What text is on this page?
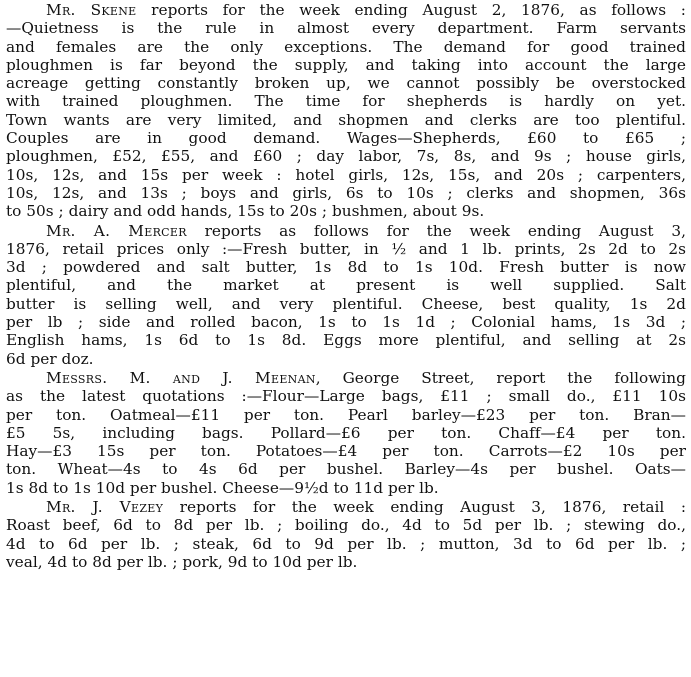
Mr. Skene reports for the week ending August 2, 1876, as follows :
—Quietness is the rule in almost every department. Farm servants
and females are the only exceptions. The demand for good trained
ploughmen is far beyond the supply, and taking into account the large
acreage getting constantly broken up, we cannot possibly be overstocked
with trained ploughmen. The time for shepherds is hardly on yet.
Town wants are very limited, and shopmen and clerks are too plentiful.
Couples are in good demand. Wages—Shepherds, £60 to £65 ;
ploughmen, £52, £55, and £60 ; day labor, 7s, 8s, and 9s ; house girls,
10s, 12s, and 15s per week : hotel girls, 12s, 15s, and 20s ; carpenters,
10s, 12s, and 13s ; boys and girls, 6s to 10s ; clerks and shopmen, 36s
to 50s ; dairy and odd hands, 15s to 20s ; bushmen, about 9s.
Mr. A. Mercer reports as follows for the week ending August 3,
1876, retail prices only :—Fresh butter, in ½ and 1 lb. prints, 2s 2d to 2s
3d ; powdered and salt butter, 1s 8d to 1s 10d. Fresh butter is now
plentiful, and the market at present is well supplied. Salt
butter is selling well, and very plentiful. Cheese, best quality, 1s 2d
per lb ; side and rolled bacon, 1s to 1s 1d ; Colonial hams, 1s 3d ;
English hams, 1s 6d to 1s 8d. Eggs more plentiful, and selling at 2s
6d per doz.
Messrs. M. and J. Meenan, George Street, report the following
as the latest quotations :—Flour—Large bags, £11 ; small do., £11 10s
per ton. Oatmeal—£11 per ton. Pearl barley—£23 per ton. Bran—
£5 5s, including bags. Pollard—£6 per ton. Chaff—£4 per ton.
Hay—£3 15s per ton. Potatoes—£4 per ton. Carrots—£2 10s per
ton. Wheat—4s to 4s 6d per bushel. Barley—4s per bushel. Oats—
1s 8d to 1s 10d per bushel. Cheese—9½d to 11d per lb.
Mr. J. Vezey reports for the week ending August 3, 1876, retail :
Roast beef, 6d to 8d per lb. ; boiling do., 4d to 5d per lb. ; stewing do.,
4d to 6d per lb. ; steak, 6d to 9d per lb. ; mutton, 3d to 6d per lb. ;
veal, 4d to 8d per lb. ; pork, 9d to 10d per lb.
